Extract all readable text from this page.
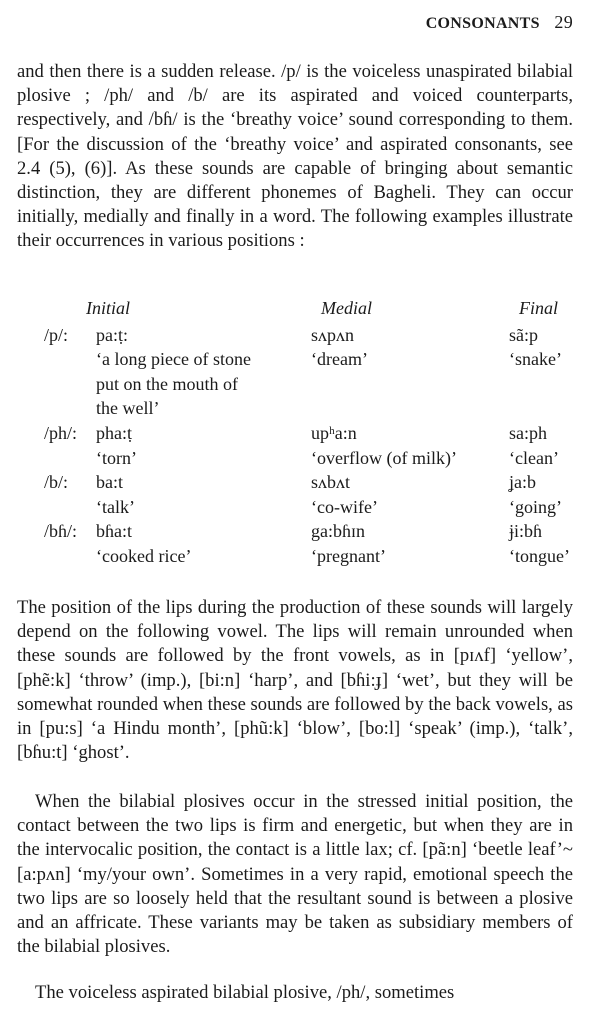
CONSONANTS 29

and then there is a sudden release. /p/ is the voiceless unaspirated bilabial plosive ; /ph/ and /b/ are its aspirated and voiced counterparts, respectively, and /bɦ/ is the ‘breathy voice’ sound corresponding to them. [For the discussion of the ‘breathy voice’ and aspirated consonants, see 2.4 (5), (6)]. As these sounds are capable of bringing about semantic distinction, they are different phonemes of Bagheli. They can occur initially, medially and finally in a word. The following examples illustrate their occurrences in various positions :

	Initial	Medial	Final
/p/:	pa:ṭ:	sʌpʌn	sã:p
	‘a long piece of stone	‘dream’	‘snake’
	put on the mouth of		
	the well’		
/ph/:	pha:ṭ	upʰa:n	sa:ph
	‘torn’	‘overflow (of milk)’	‘clean’
/b/:	ba:t	sʌbʌt	ʝa:b
	‘talk’	‘co-wife’	‘going’
/bɦ/:	bɦa:t	ga:bɦɪn	ɉi:bɦ
	‘cooked rice’	‘pregnant’	‘tongue’

The position of the lips during the production of these sounds will largely depend on the following vowel. The lips will remain unrounded when these sounds are followed by the front vowels, as in [pɪʌf] ‘yellow’, [phẽ:k] ‘throw’ (imp.), [bi:n] ‘harp’, and [bɦi:ɟ] ‘wet’, but they will be somewhat rounded when these sounds are followed by the back vowels, as in [pu:s] ‘a Hindu month’, [phũ:k] ‘blow’, [bo:l] ‘speak’ (imp.), ‘talk’, [bɦu:t] ‘ghost’.

When the bilabial plosives occur in the stressed initial position, the contact between the two lips is firm and energetic, but when they are in the intervocalic position, the contact is a little lax; cf. [pã:n] ‘beetle leaf’~[a:pʌn] ‘my/your own’. Sometimes in a very rapid, emotional speech the two lips are so loosely held that the resultant sound is between a plosive and an affricate. These variants may be taken as subsidiary members of the bilabial plosives.

The voiceless aspirated bilabial plosive, /ph/, sometimes
